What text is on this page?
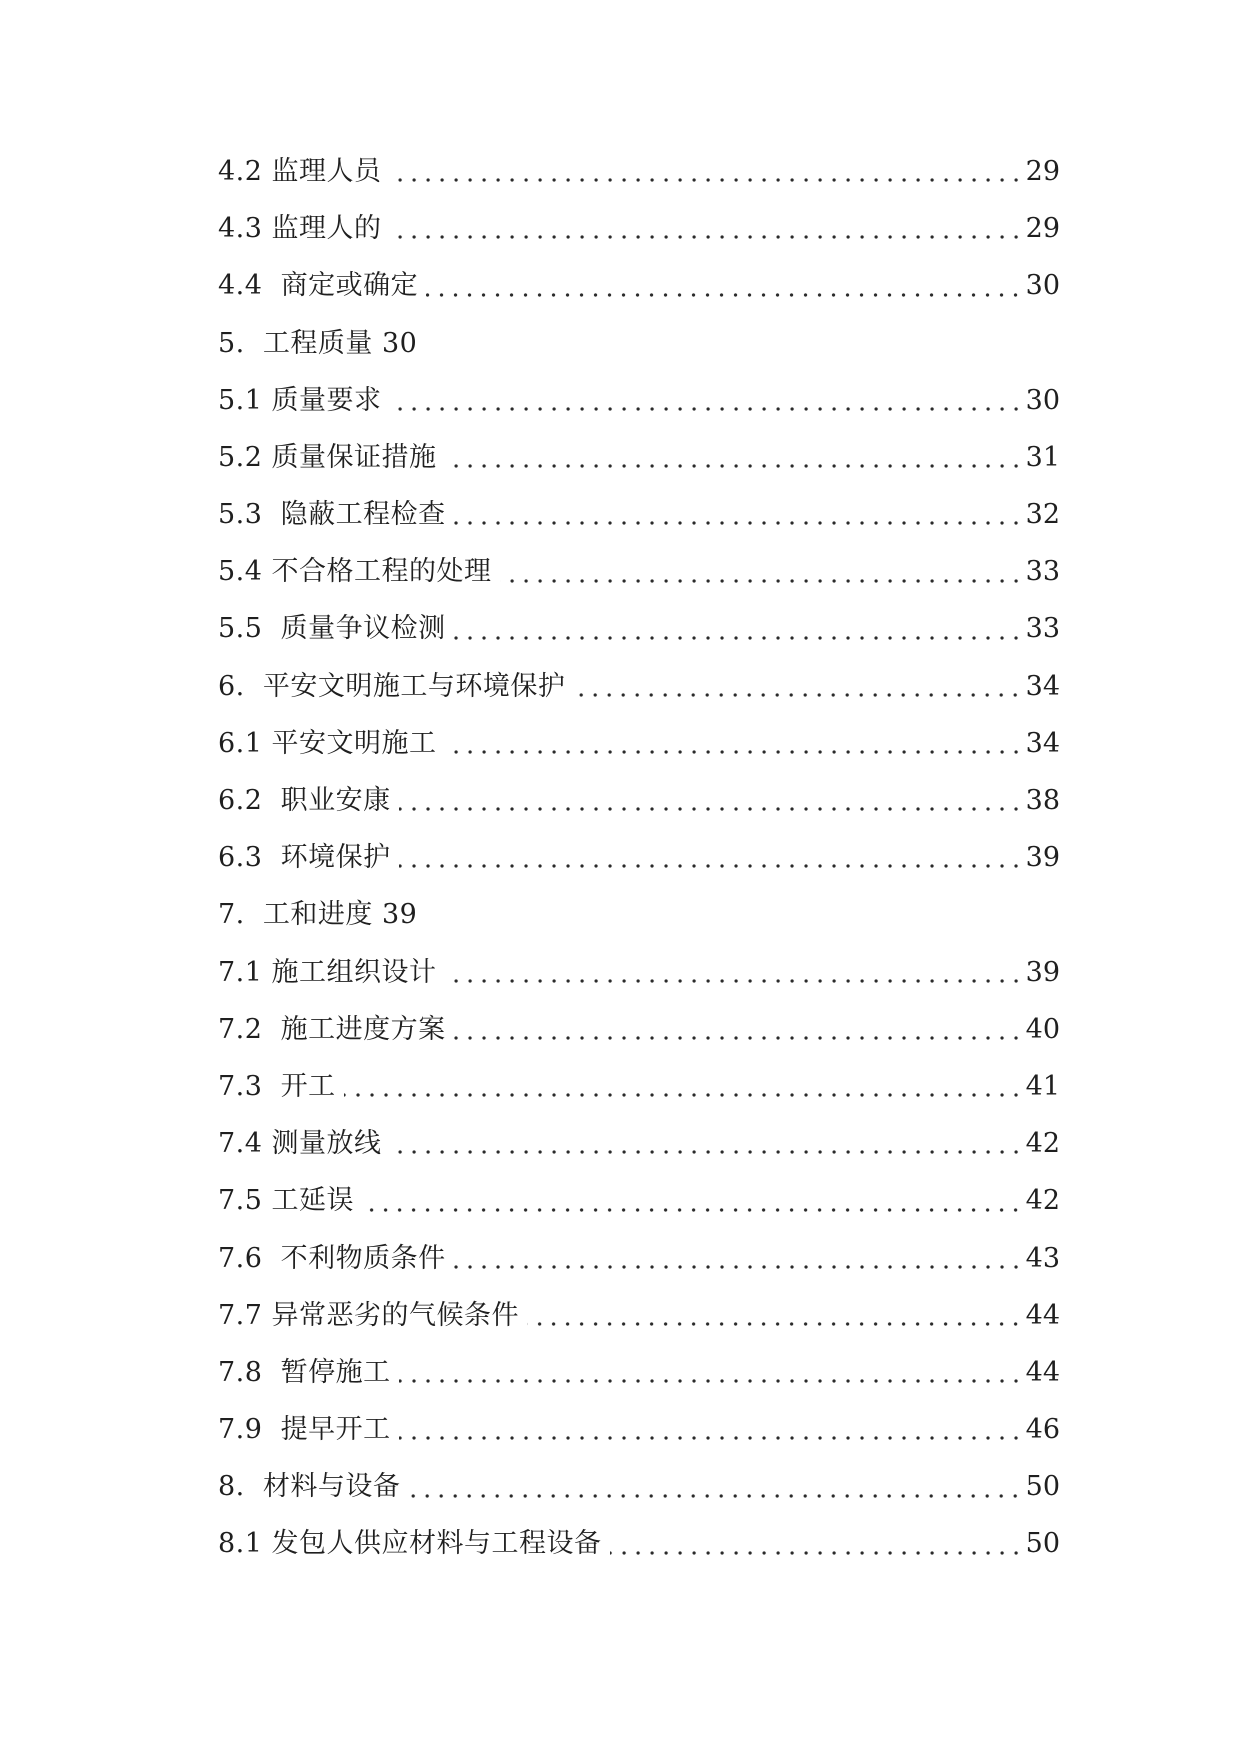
4.2 监理人员	29
4.3 监理人的	29
4.4  商定或确定	30
5.  工程质量 30
5.1 质量要求	30
5.2 质量保证措施	31
5.3  隐蔽工程检查	32
5.4 不合格工程的处理	33
5.5  质量争议检测	33
6.  平安文明施工与环境保护	34
6.1 平安文明施工	34
6.2  职业安康	38
6.3  环境保护	39
7.  工和进度 39
7.1 施工组织设计	39
7.2  施工进度方案	40
7.3  开工	41
7.4 测量放线	42
7.5 工延误	42
7.6  不利物质条件	43
7.7 异常恶劣的气候条件	44
7.8  暂停施工	44
7.9  提早开工	46
8.  材料与设备	50
8.1 发包人供应材料与工程设备	50
